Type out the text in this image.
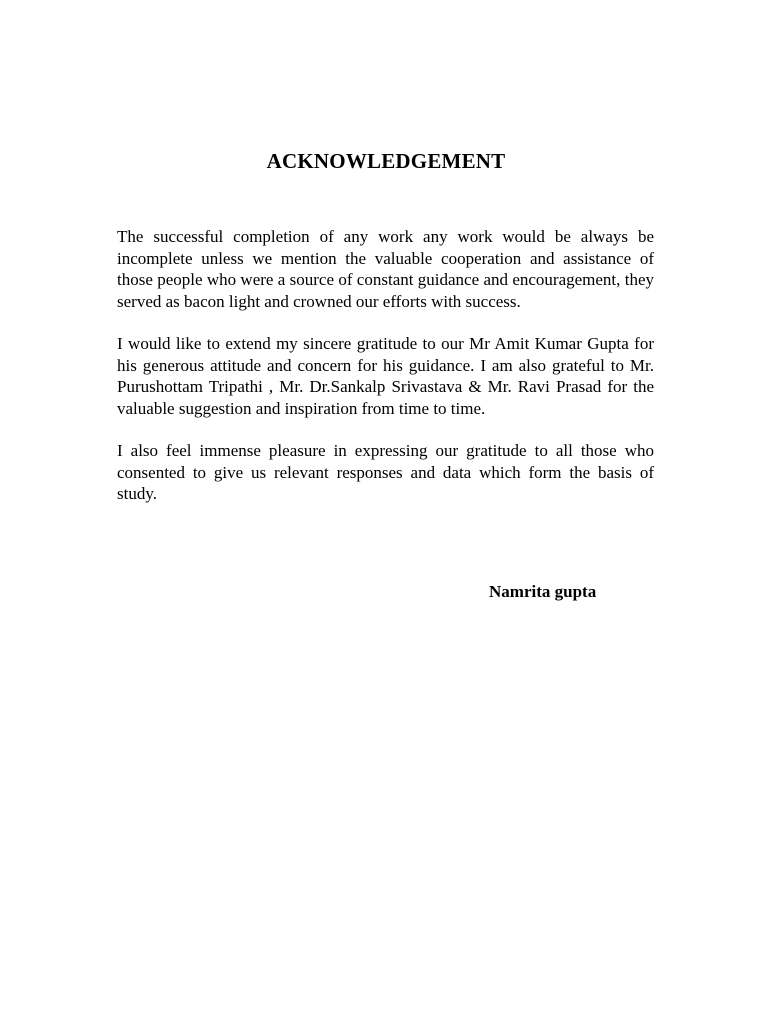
ACKNOWLEDGEMENT

The successful completion of any work any work would be always be incomplete unless we mention the valuable cooperation and assistance of those people who were a source of constant guidance and encouragement, they served as bacon light and crowned our efforts with success.

I would like to extend my sincere gratitude to our Mr Amit Kumar Gupta for his generous attitude and concern for his guidance. I am also grateful to Mr. Purushottam Tripathi , Mr. Dr.Sankalp Srivastava & Mr. Ravi Prasad for the valuable suggestion and inspiration from time to time.

I also feel immense pleasure in expressing our gratitude to all those who consented to give us relevant responses and data which form the basis of study.

Namrita gupta
